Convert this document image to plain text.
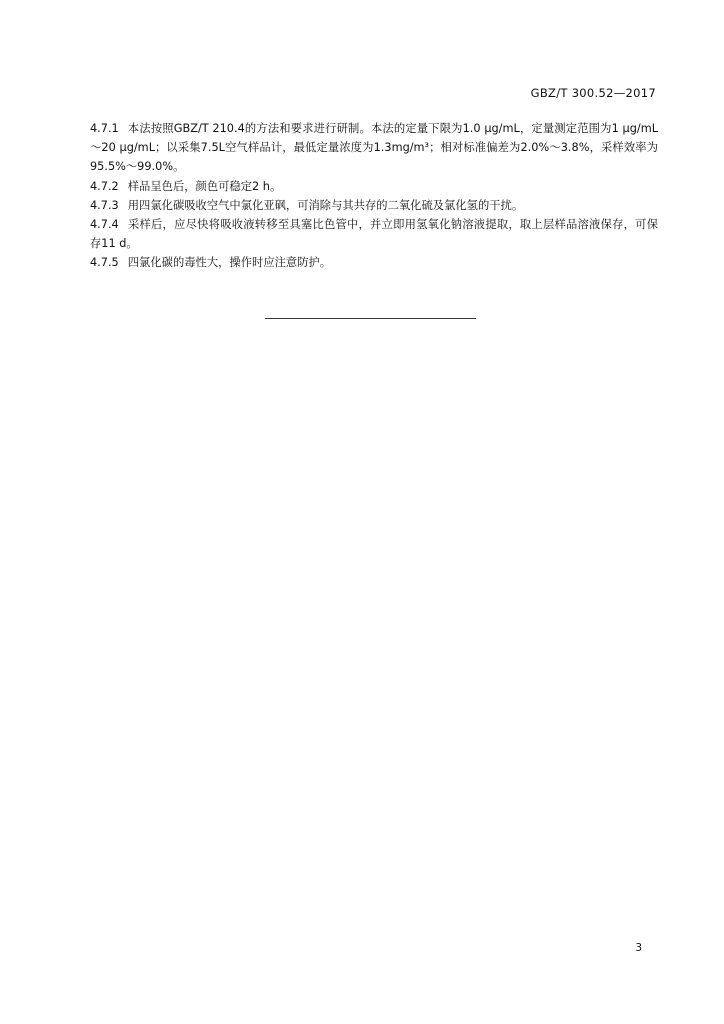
GBZ/T 300.52—2017

4.7.1 本法按照GBZ/T 210.4的方法和要求进行研制。本法的定量下限为1.0 μg/mL，定量测定范围为1 μg/mL～20 μg/mL；以采集7.5L空气样品计，最低定量浓度为1.3mg/m³；相对标准偏差为2.0%～3.8%，采样效率为95.5%～99.0%。

4.7.2 样品呈色后，颜色可稳定2 h。

4.7.3 用四氯化碳吸收空气中氯化亚砜，可消除与其共存的二氧化硫及氯化氢的干扰。

4.7.4 采样后，应尽快将吸收液转移至具塞比色管中，并立即用氢氧化钠溶液提取，取上层样品溶液保存，可保存11 d。

4.7.5 四氯化碳的毒性大，操作时应注意防护。

3
